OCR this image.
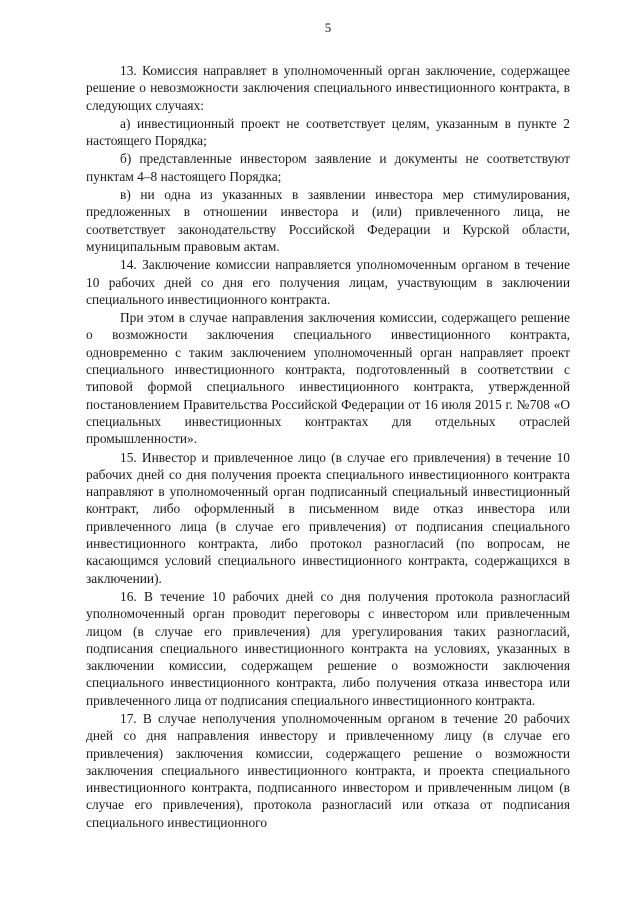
5

13. Комиссия направляет в уполномоченный орган заключение, содержащее решение о невозможности заключения специального инвестиционного контракта, в следующих случаях:

а) инвестиционный проект не соответствует целям, указанным в пункте 2 настоящего Порядка;

б) представленные инвестором заявление и документы не соответствуют пунктам 4–8 настоящего Порядка;

в) ни одна из указанных в заявлении инвестора мер стимулирования, предложенных в отношении инвестора и (или) привлеченного лица, не соответствует законодательству Российской Федерации и Курской области, муниципальным правовым актам.

14. Заключение комиссии направляется уполномоченным органом в течение 10 рабочих дней со дня его получения лицам, участвующим в заключении специального инвестиционного контракта.

При этом в случае направления заключения комиссии, содержащего решение о возможности заключения специального инвестиционного контракта, одновременно с таким заключением уполномоченный орган направляет проект специального инвестиционного контракта, подготовленный в соответствии с типовой формой специального инвестиционного контракта, утвержденной постановлением Правительства Российской Федерации от 16 июля 2015 г. №708 «О специальных инвестиционных контрактах для отдельных отраслей промышленности».

15. Инвестор и привлеченное лицо (в случае его привлечения) в течение 10 рабочих дней со дня получения проекта специального инвестиционного контракта направляют в уполномоченный орган подписанный специальный инвестиционный контракт, либо оформленный в письменном виде отказ инвестора или привлеченного лица (в случае его привлечения) от подписания специального инвестиционного контракта, либо протокол разногласий (по вопросам, не касающимся условий специального инвестиционного контракта, содержащихся в заключении).

16. В течение 10 рабочих дней со дня получения протокола разногласий уполномоченный орган проводит переговоры с инвестором или привлеченным лицом (в случае его привлечения) для урегулирования таких разногласий, подписания специального инвестиционного контракта на условиях, указанных в заключении комиссии, содержащем решение о возможности заключения специального инвестиционного контракта, либо получения отказа инвестора или привлеченного лица от подписания специального инвестиционного контракта.

17. В случае неполучения уполномоченным органом в течение 20 рабочих дней со дня направления инвестору и привлеченному лицу (в случае его привлечения) заключения комиссии, содержащего решение о возможности заключения специального инвестиционного контракта, и проекта специального инвестиционного контракта, подписанного инвестором и привлеченным лицом (в случае его привлечения), протокола разногласий или отказа от подписания специального инвестиционного
